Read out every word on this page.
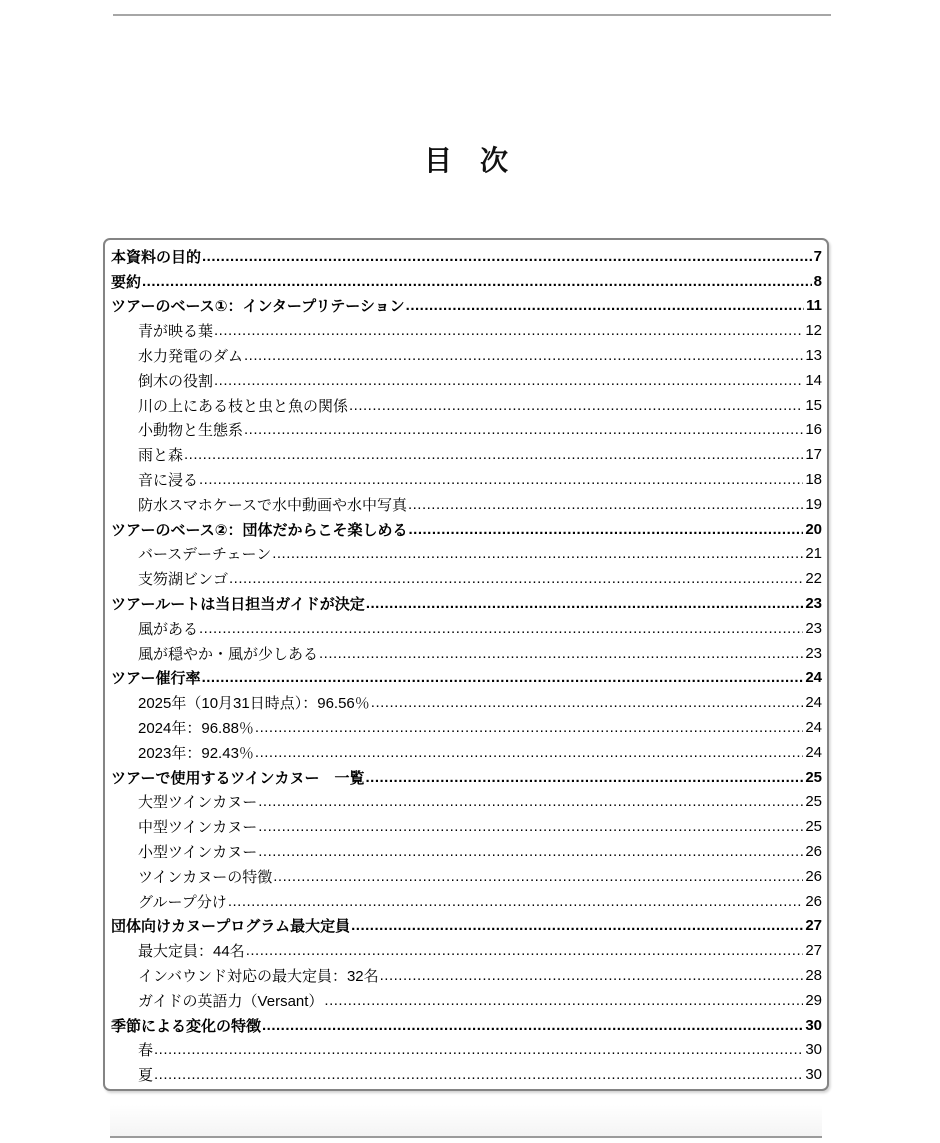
目　次
本資料の目的 .....	7
要約 .....	8
ツアーのベース①：インタープリテーション .....	11
青が映る葉 .....	12
水力発電のダム .....	13
倒木の役割 .....	14
川の上にある枝と虫と魚の関係 .....	15
小動物と生態系 .....	16
雨と森 .....	17
音に浸る .....	18
防水スマホケースで水中動画や水中写真 .....	19
ツアーのベース②：団体だからこそ楽しめる .....	20
バースデーチェーン .....	21
支笏湖ビンゴ .....	22
ツアールートは当日担当ガイドが決定 .....	23
風がある .....	23
風が穏やか・風が少しある .....	23
ツアー催行率 .....	24
2025年（10月31日時点）：96.56％ .....	24
2024年：96.88％ .....	24
2023年：92.43％ .....	24
ツアーで使用するツインカヌー　一覧 .....	25
大型ツインカヌー .....	25
中型ツインカヌー .....	25
小型ツインカヌー .....	26
ツインカヌーの特徴 .....	26
グループ分け .....	26
団体向けカヌープログラム最大定員 .....	27
最大定員：44名 .....	27
インバウンド対応の最大定員：32名 .....	28
ガイドの英語力（Versant） .....	29
季節による変化の特徴 .....	30
春 .....	30
夏 .....	30
